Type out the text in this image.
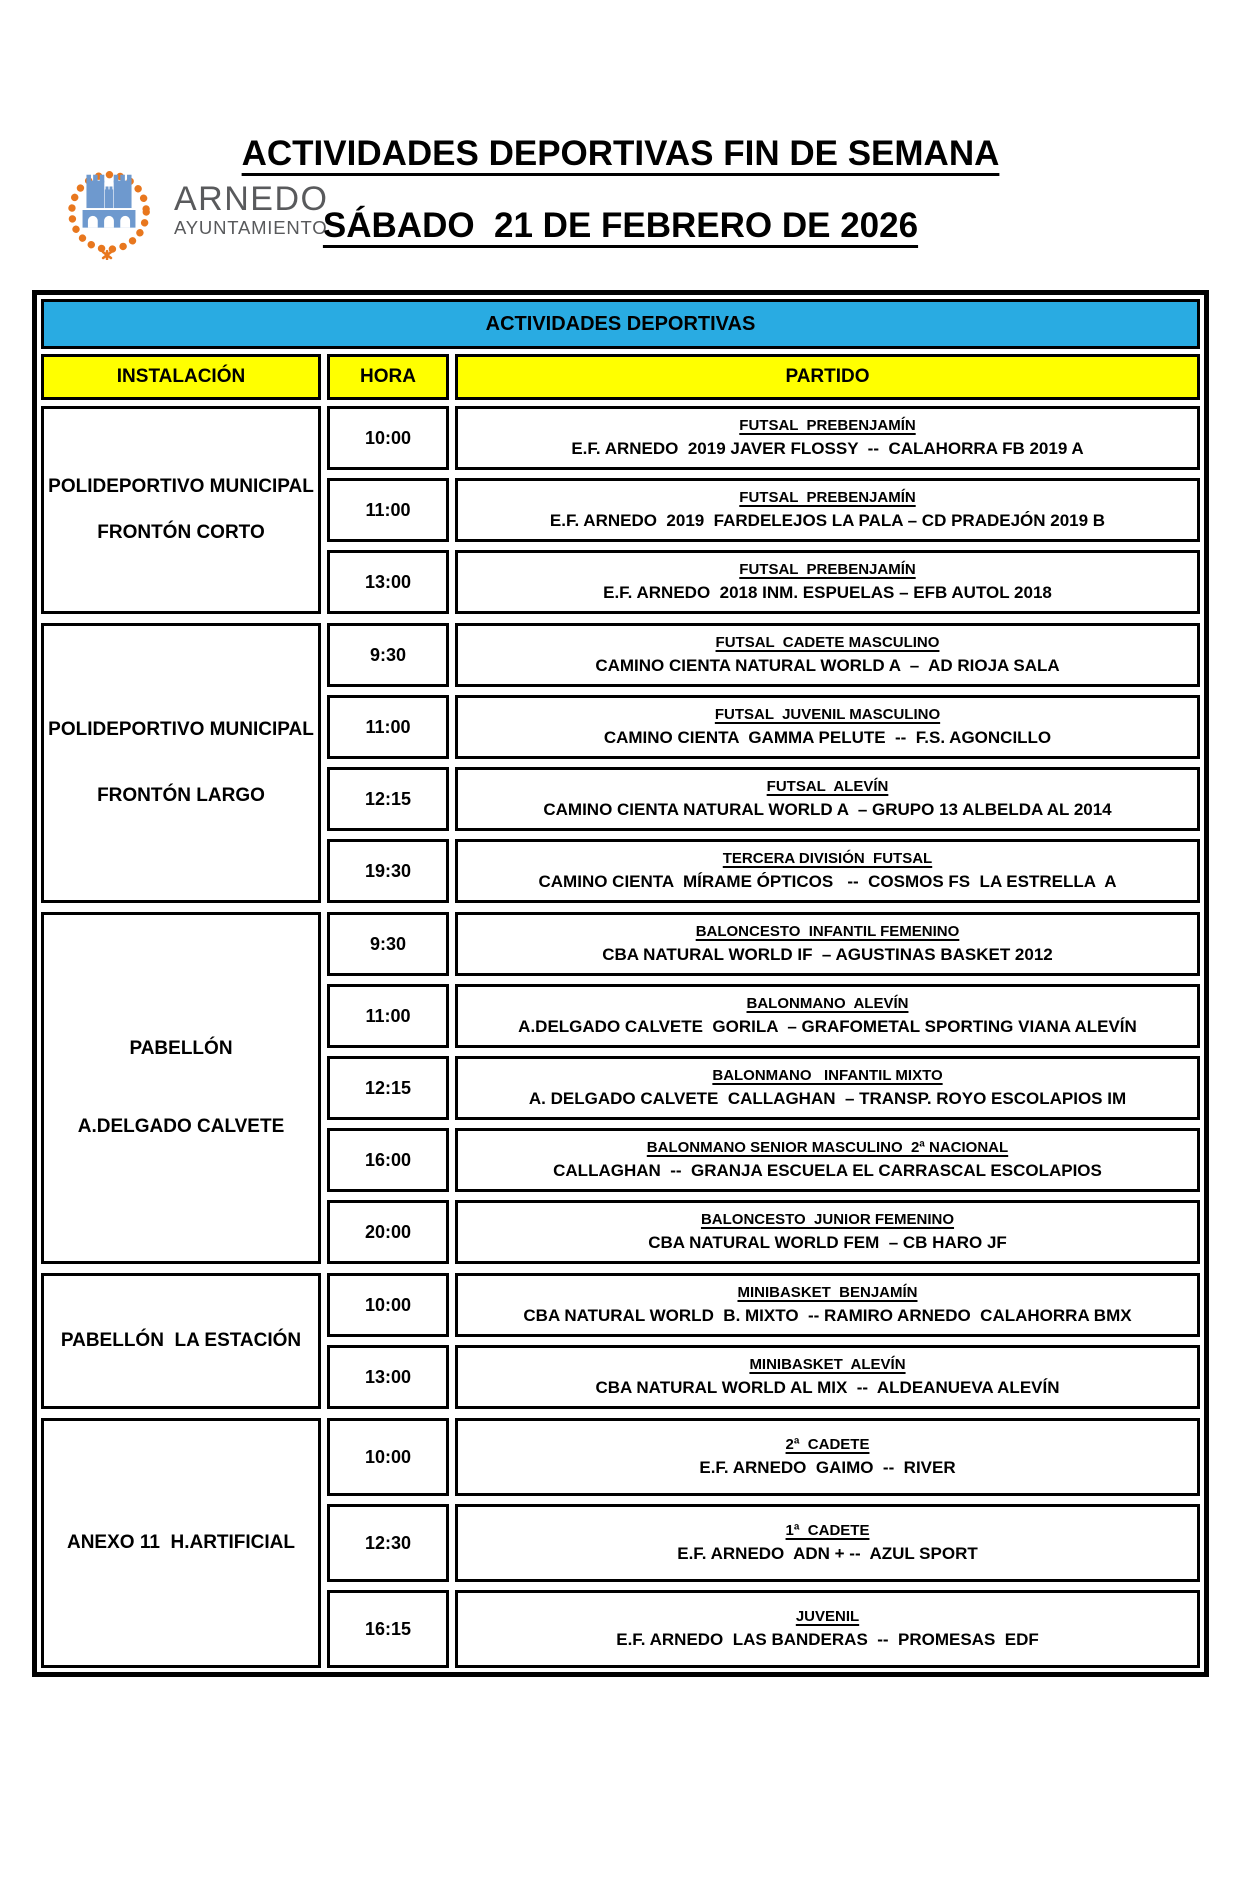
ARNEDO
AYUNTAMIENTO
ACTIVIDADES DEPORTIVAS FIN DE SEMANA
SÁBADO  21 DE FEBRERO DE 2026
ACTIVIDADES DEPORTIVAS
INSTALACIÓN	HORA	PARTIDO
POLIDEPORTIVO MUNICIPAL
FRONTÓN CORTO
10:00
FUTSAL  PREBENJAMÍN
E.F. ARNEDO  2019 JAVER FLOSSY  --  CALAHORRA FB 2019 A
11:00
FUTSAL  PREBENJAMÍN
E.F. ARNEDO  2019  FARDELEJOS LA PALA – CD PRADEJÓN 2019 B
13:00
FUTSAL  PREBENJAMÍN
E.F. ARNEDO  2018 INM. ESPUELAS – EFB AUTOL 2018
POLIDEPORTIVO MUNICIPAL
FRONTÓN LARGO
9:30
FUTSAL  CADETE MASCULINO
CAMINO CIENTA NATURAL WORLD A  –  AD RIOJA SALA
11:00
FUTSAL  JUVENIL MASCULINO
CAMINO CIENTA  GAMMA PELUTE  --  F.S. AGONCILLO
12:15
FUTSAL  ALEVÍN
CAMINO CIENTA NATURAL WORLD A  – GRUPO 13 ALBELDA AL 2014
19:30
TERCERA DIVISIÓN  FUTSAL
CAMINO CIENTA  MÍRAME ÓPTICOS   --  COSMOS FS  LA ESTRELLA  A
PABELLÓN
A.DELGADO CALVETE
9:30
BALONCESTO  INFANTIL FEMENINO
CBA NATURAL WORLD IF  – AGUSTINAS BASKET 2012
11:00
BALONMANO  ALEVÍN
A.DELGADO CALVETE  GORILA  – GRAFOMETAL SPORTING VIANA ALEVÍN
12:15
BALONMANO   INFANTIL MIXTO
A. DELGADO CALVETE  CALLAGHAN  – TRANSP. ROYO ESCOLAPIOS IM
16:00
BALONMANO SENIOR MASCULINO  2ª NACIONAL
CALLAGHAN  --  GRANJA ESCUELA EL CARRASCAL ESCOLAPIOS
20:00
BALONCESTO  JUNIOR FEMENINO
CBA NATURAL WORLD FEM  – CB HARO JF
PABELLÓN  LA ESTACIÓN
10:00
MINIBASKET  BENJAMÍN
CBA NATURAL WORLD  B. MIXTO  -- RAMIRO ARNEDO  CALAHORRA BMX
13:00
MINIBASKET  ALEVÍN
CBA NATURAL WORLD AL MIX  --  ALDEANUEVA ALEVÍN
ANEXO 11  H.ARTIFICIAL
10:00
2ª  CADETE
E.F. ARNEDO  GAIMO  --  RIVER
12:30
1ª  CADETE
E.F. ARNEDO  ADN + --  AZUL SPORT
16:15
JUVENIL
E.F. ARNEDO  LAS BANDERAS  --  PROMESAS  EDF
